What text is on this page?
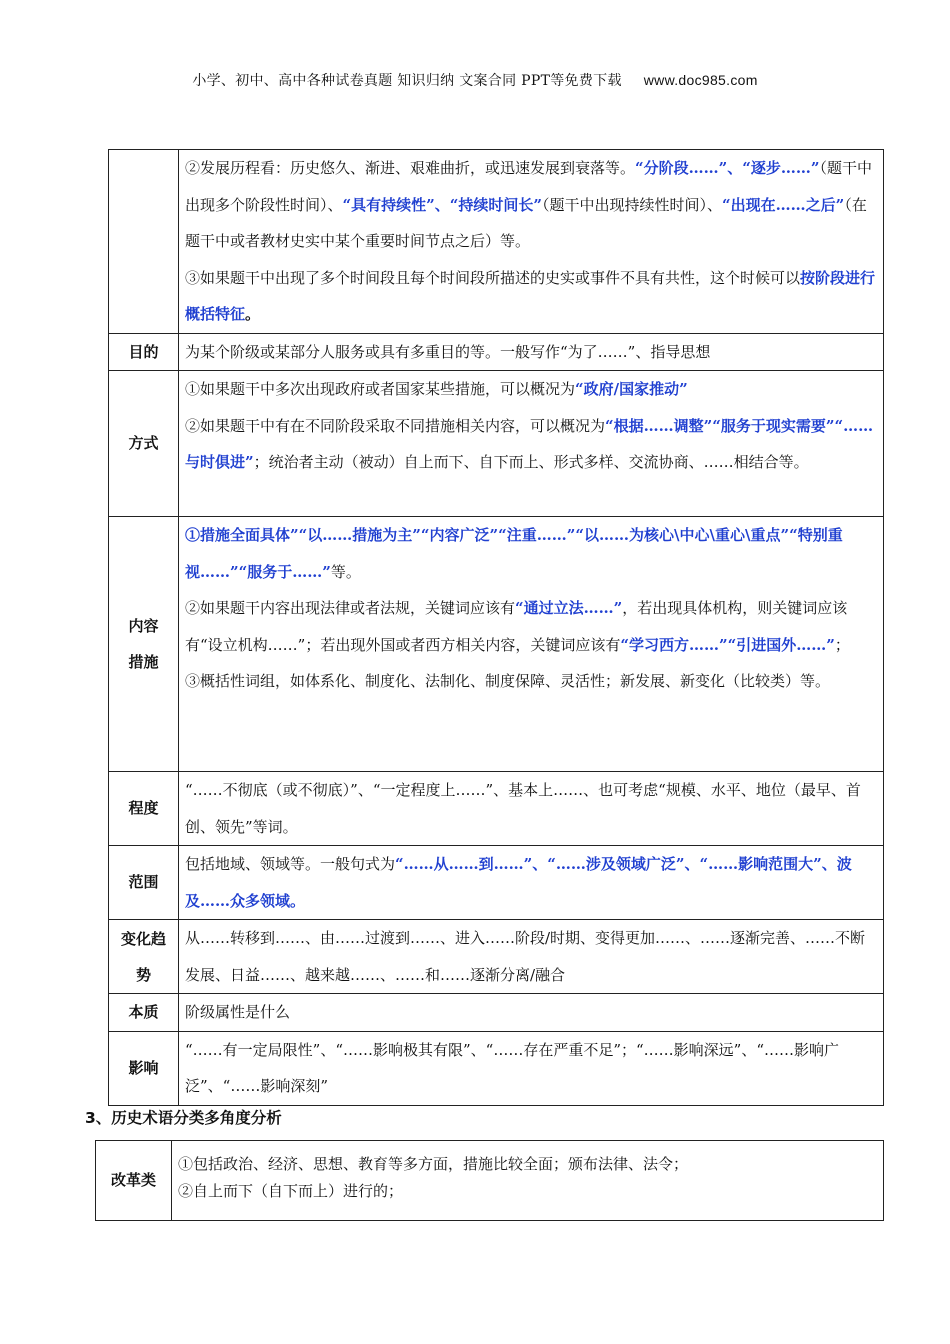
小学、初中、高中各种试卷真题 知识归纳 文案合同 PPT等免费下载 www.doc985.com
	②发展历程看：历史悠久、渐进、艰难曲折，或迅速发展到衰落等。“分阶段……”、“逐步……”（题干中出现多个阶段性时间）、“具有持续性”、“持续时间长”（题干中出现持续性时间）、“出现在……之后”（在题干中或者教材史实中某个重要时间节点之后）等。
③如果题干中出现了多个时间段且每个时间段所描述的史实或事件不具有共性，这个时候可以按阶段进行概括特征。
目的	为某个阶级或某部分人服务或具有多重目的等。一般写作“为了……”、指导思想
方式	①如果题干中多次出现政府或者国家某些措施，可以概况为“政府/国家推动”
②如果题干中有在不同阶段采取不同措施相关内容，可以概况为“根据……调整”“服务于现实需要”“……与时俱进”；统治者主动（被动）自上而下、自下而上、形式多样、交流协商、……相结合等。
内容措施	①措施全面具体”“以……措施为主”“内容广泛”“注重……”“以……为核心\中心\重心\重点”“特别重视……”“服务于……”等。
②如果题干内容出现法律或者法规，关键词应该有“通过立法……”，若出现具体机构，则关键词应该有“设立机构……”；若出现外国或者西方相关内容，关键词应该有“学习西方……”“引进国外……”；
③概括性词组，如体系化、制度化、法制化、制度保障、灵活性；新发展、新变化（比较类）等。
程度	“……不彻底（或不彻底）”、“一定程度上……”、基本上……、也可考虑“规模、水平、地位（最早、首创、领先”等词。
范围	包括地域、领域等。一般句式为“……从……到……”、“……涉及领域广泛”、“……影响范围大”、波及……众多领域。
变化趋势	从……转移到……、由……过渡到……、进入……阶段/时期、变得更加……、……逐渐完善、……不断发展、日益……、越来越……、……和……逐渐分离/融合
本质	阶级属性是什么
影响	“……有一定局限性”、“……影响极其有限”、“……存在严重不足”；“……影响深远”、“……影响广泛”、“……影响深刻”
3、历史术语分类多角度分析
改革类	①包括政治、经济、思想、教育等多方面，措施比较全面；颁布法律、法令；
②自上而下（自下而上）进行的；
